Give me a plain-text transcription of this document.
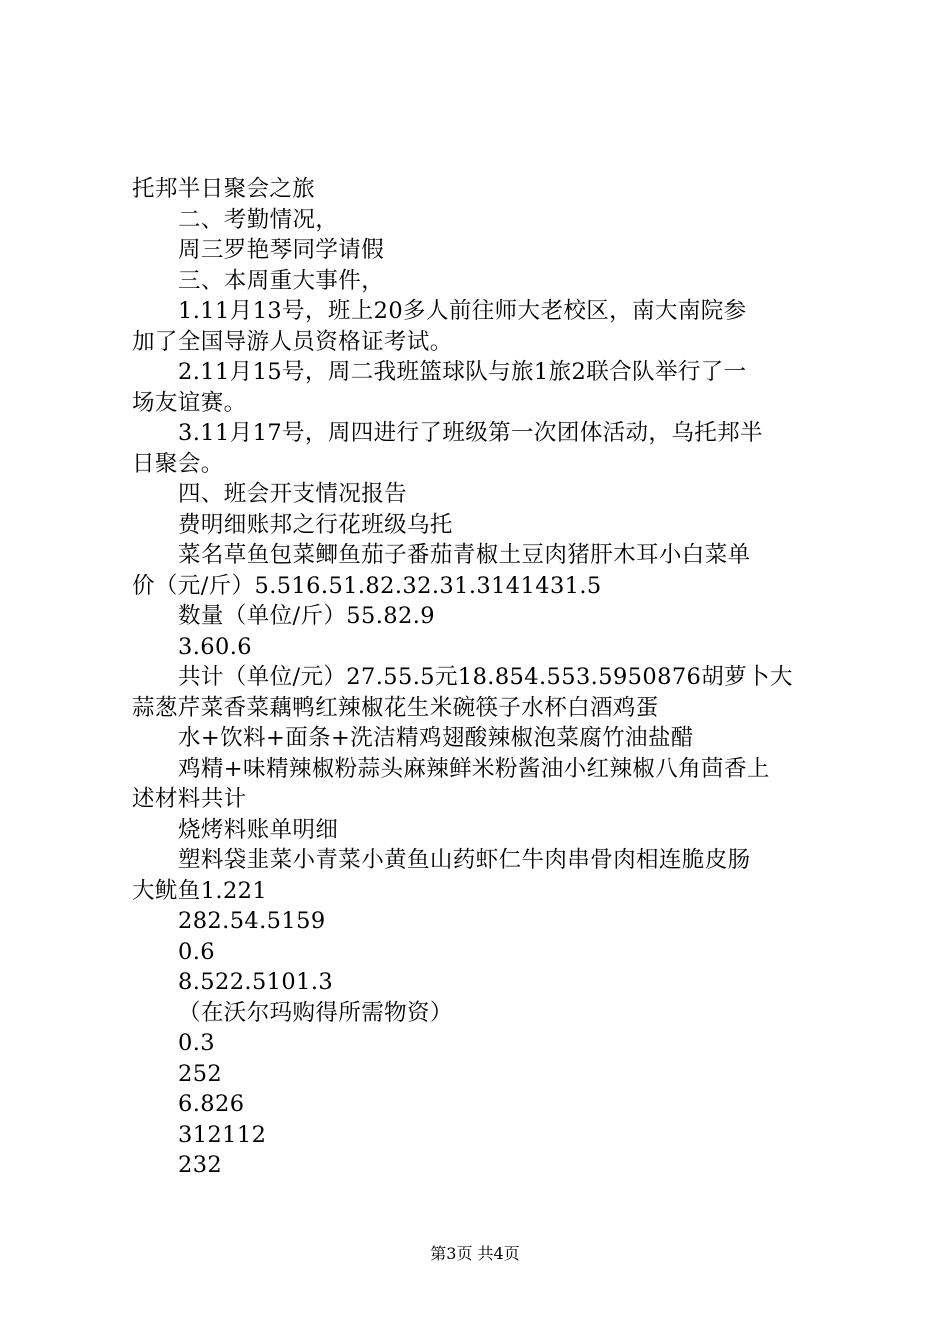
托邦半日聚会之旅
二、考勤情况，
周三罗艳琴同学请假
三、本周重大事件，
1.11月13号，班上20多人前往师大老校区，南大南院参
加了全国导游人员资格证考试。
2.11月15号，周二我班篮球队与旅1旅2联合队举行了一
场友谊赛。
3.11月17号，周四进行了班级第一次团体活动，乌托邦半
日聚会。
四、班会开支情况报告
费明细账邦之行花班级乌托
菜名草鱼包菜鲫鱼茄子番茄青椒土豆肉猪肝木耳小白菜单
价（元/斤）5.516.51.82.32.31.3141431.5
数量（单位/斤）55.82.9
3.60.6
共计（单位/元）27.55.5元18.854.553.5950876胡萝卜大
蒜葱芹菜香菜藕鸭红辣椒花生米碗筷子水杯白酒鸡蛋
水+饮料+面条+洗洁精鸡翅酸辣椒泡菜腐竹油盐醋
鸡精+味精辣椒粉蒜头麻辣鲜米粉酱油小红辣椒八角茴香上
述材料共计
烧烤料账单明细
塑料袋韭菜小青菜小黄鱼山药虾仁牛肉串骨肉相连脆皮肠
大鱿鱼1.221
282.54.5159
0.6
8.522.5101.3
（在沃尔玛购得所需物资）
0.3
252
6.826
312112
232
第3页 共4页
